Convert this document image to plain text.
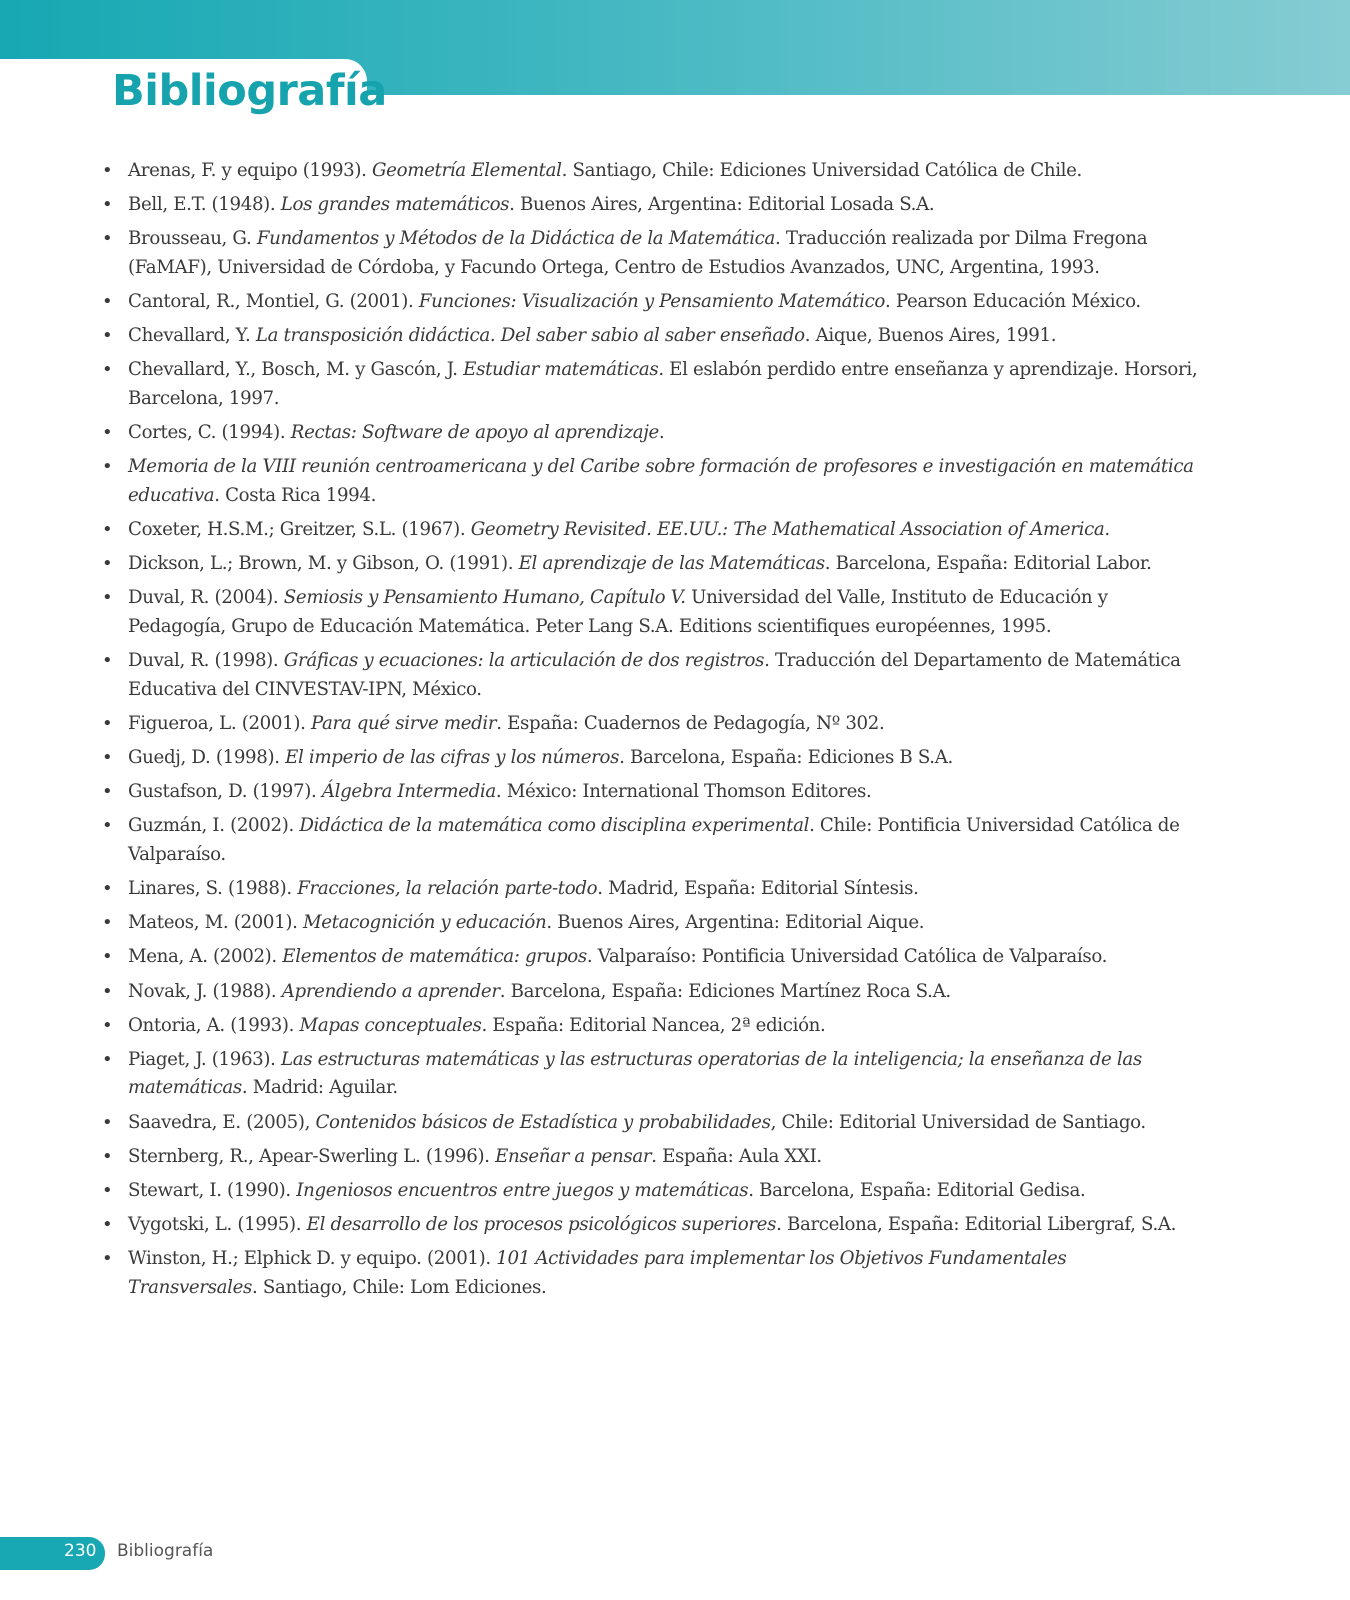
Bibliografía
• Arenas, F. y equipo (1993). Geometría Elemental. Santiago, Chile: Ediciones Universidad Católica de Chile.
• Bell, E.T. (1948). Los grandes matemáticos. Buenos Aires, Argentina: Editorial Losada S.A.
• Brousseau, G. Fundamentos y Métodos de la Didáctica de la Matemática. Traducción realizada por Dilma Fregona (FaMAF), Universidad de Córdoba, y Facundo Ortega, Centro de Estudios Avanzados, UNC, Argentina, 1993.
• Cantoral, R., Montiel, G. (2001). Funciones: Visualización y Pensamiento Matemático. Pearson Educación México.
• Chevallard, Y. La transposición didáctica. Del saber sabio al saber enseñado. Aique, Buenos Aires, 1991.
• Chevallard, Y., Bosch, M. y Gascón, J. Estudiar matemáticas. El eslabón perdido entre enseñanza y aprendizaje. Horsori, Barcelona, 1997.
• Cortes, C. (1994). Rectas: Software de apoyo al aprendizaje.
• Memoria de la VIII reunión centroamericana y del Caribe sobre formación de profesores e investigación en matemática educativa. Costa Rica 1994.
• Coxeter, H.S.M.; Greitzer, S.L. (1967). Geometry Revisited. EE.UU.: The Mathematical Association of America.
• Dickson, L.; Brown, M. y Gibson, O. (1991). El aprendizaje de las Matemáticas. Barcelona, España: Editorial Labor.
• Duval, R. (2004). Semiosis y Pensamiento Humano, Capítulo V. Universidad del Valle, Instituto de Educación y Pedagogía, Grupo de Educación Matemática. Peter Lang S.A. Editions scientifiques européennes, 1995.
• Duval, R. (1998). Gráficas y ecuaciones: la articulación de dos registros. Traducción del Departamento de Matemática Educativa del CINVESTAV-IPN, México.
• Figueroa, L. (2001). Para qué sirve medir. España: Cuadernos de Pedagogía, Nº 302.
• Guedj, D. (1998). El imperio de las cifras y los números. Barcelona, España: Ediciones B S.A.
• Gustafson, D. (1997). Álgebra Intermedia. México: International Thomson Editores.
• Guzmán, I. (2002). Didáctica de la matemática como disciplina experimental. Chile: Pontificia Universidad Católica de Valparaíso.
• Linares, S. (1988). Fracciones, la relación parte-todo. Madrid, España: Editorial Síntesis.
• Mateos, M. (2001). Metacognición y educación. Buenos Aires, Argentina: Editorial Aique.
• Mena, A. (2002). Elementos de matemática: grupos. Valparaíso: Pontificia Universidad Católica de Valparaíso.
• Novak, J. (1988). Aprendiendo a aprender. Barcelona, España: Ediciones Martínez Roca S.A.
• Ontoria, A. (1993). Mapas conceptuales. España: Editorial Nancea, 2ª edición.
• Piaget, J. (1963). Las estructuras matemáticas y las estructuras operatorias de la inteligencia; la enseñanza de las matemáticas. Madrid: Aguilar.
• Saavedra, E. (2005), Contenidos básicos de Estadística y probabilidades, Chile: Editorial Universidad de Santiago.
• Sternberg, R., Apear-Swerling L. (1996). Enseñar a pensar. España: Aula XXI.
• Stewart, I. (1990). Ingeniosos encuentros entre juegos y matemáticas. Barcelona, España: Editorial Gedisa.
• Vygotski, L. (1995). El desarrollo de los procesos psicológicos superiores. Barcelona, España: Editorial Libergraf, S.A.
• Winston, H.; Elphick D. y equipo. (2001). 101 Actividades para implementar los Objetivos Fundamentales Transversales. Santiago, Chile: Lom Ediciones.
230 Bibliografía
